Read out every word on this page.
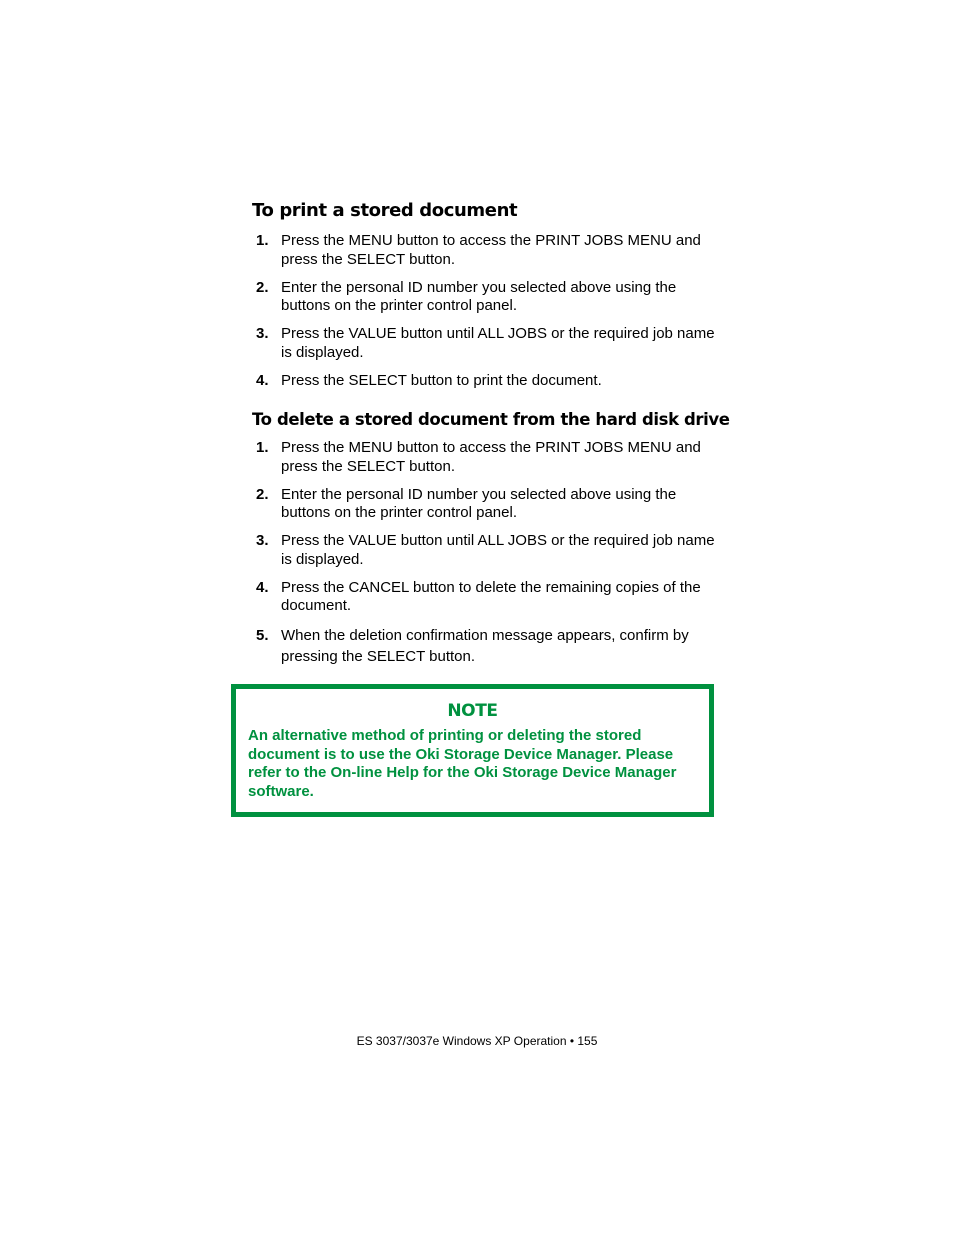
To print a stored document
1. Press the MENU button to access the PRINT JOBS MENU and press the SELECT button.
2. Enter the personal ID number you selected above using the buttons on the printer control panel.
3. Press the VALUE button until ALL JOBS or the required job name is displayed.
4. Press the SELECT button to print the document.
To delete a stored document from the hard disk drive
1. Press the MENU button to access the PRINT JOBS MENU and press the SELECT button.
2. Enter the personal ID number you selected above using the buttons on the printer control panel.
3. Press the VALUE button until ALL JOBS or the required job name is displayed.
4. Press the CANCEL button to delete the remaining copies of the document.
5. When the deletion confirmation message appears, confirm by pressing the SELECT button.
NOTE

An alternative method of printing or deleting the stored document is to use the Oki Storage Device Manager. Please refer to the On-line Help for the Oki Storage Device Manager software.

ES 3037/3037e Windows XP Operation • 155
